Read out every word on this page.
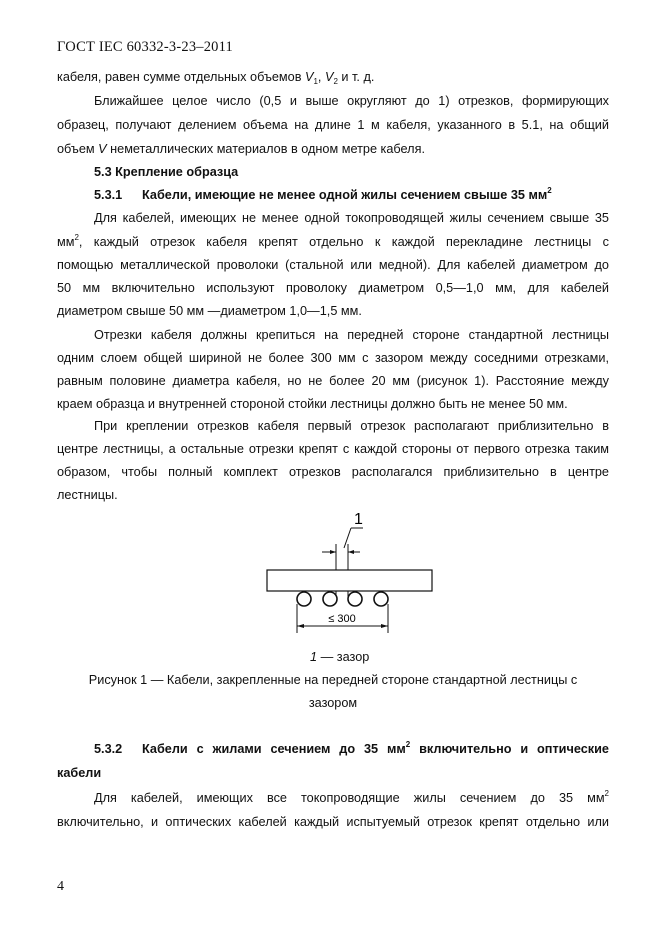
ГОСТ IEC 60332-3-23–2011
кабеля, равен сумме отдельных объемов $V_1$, $V_2$ и т. д.
Ближайшее целое число (0,5 и выше округляют до 1) отрезков, формирующих
образец, получают делением объема на длине 1 м кабеля, указанного в 5.1, на общий
объем V неметаллических материалов в одном метре кабеля.
5.3 Крепление образца
5.3.1 Кабели, имеющие не менее одной жилы сечением свыше 35 $мм^2$
Для кабелей, имеющих не менее одной токопроводящей жилы сечением свыше 35
$мм^2$, каждый отрезок кабеля крепят отдельно к каждой перекладине лестницы с
помощью металлической проволоки (стальной или медной). Для кабелей диаметром до
50 мм включительно используют проволоку диаметром 0,5—1,0 мм, для кабелей
диаметром свыше 50 мм —диаметром 1,0—1,5 мм.
Отрезки кабеля должны крепиться на передней стороне стандартной лестницы
одним слоем общей шириной не более 300 мм с зазором между соседними отрезками,
равным половине диаметра кабеля, но не более 20 мм (рисунок 1). Расстояние между
краем образца и внутренней стороной стойки лестницы должно быть не менее 50 мм.
При креплении отрезков кабеля первый отрезок располагают приблизительно в
центре лестницы, а остальные отрезки крепят с каждой стороны от первого отрезка таким
образом, чтобы полный комплект отрезков располагался приблизительно в центре
лестницы.
1
≤ 300
1 — зазор
Рисунок 1 — Кабели, закрепленные на передней стороне стандартной лестницы с
зазором
5.3.2 Кабели с жилами сечением до 35 $мм^2$ включительно и оптические
кабели
Для кабелей, имеющих все токопроводящие жилы сечением до 35 $мм^2$
включительно, и оптических кабелей каждый испытуемый отрезок крепят отдельно или
4
